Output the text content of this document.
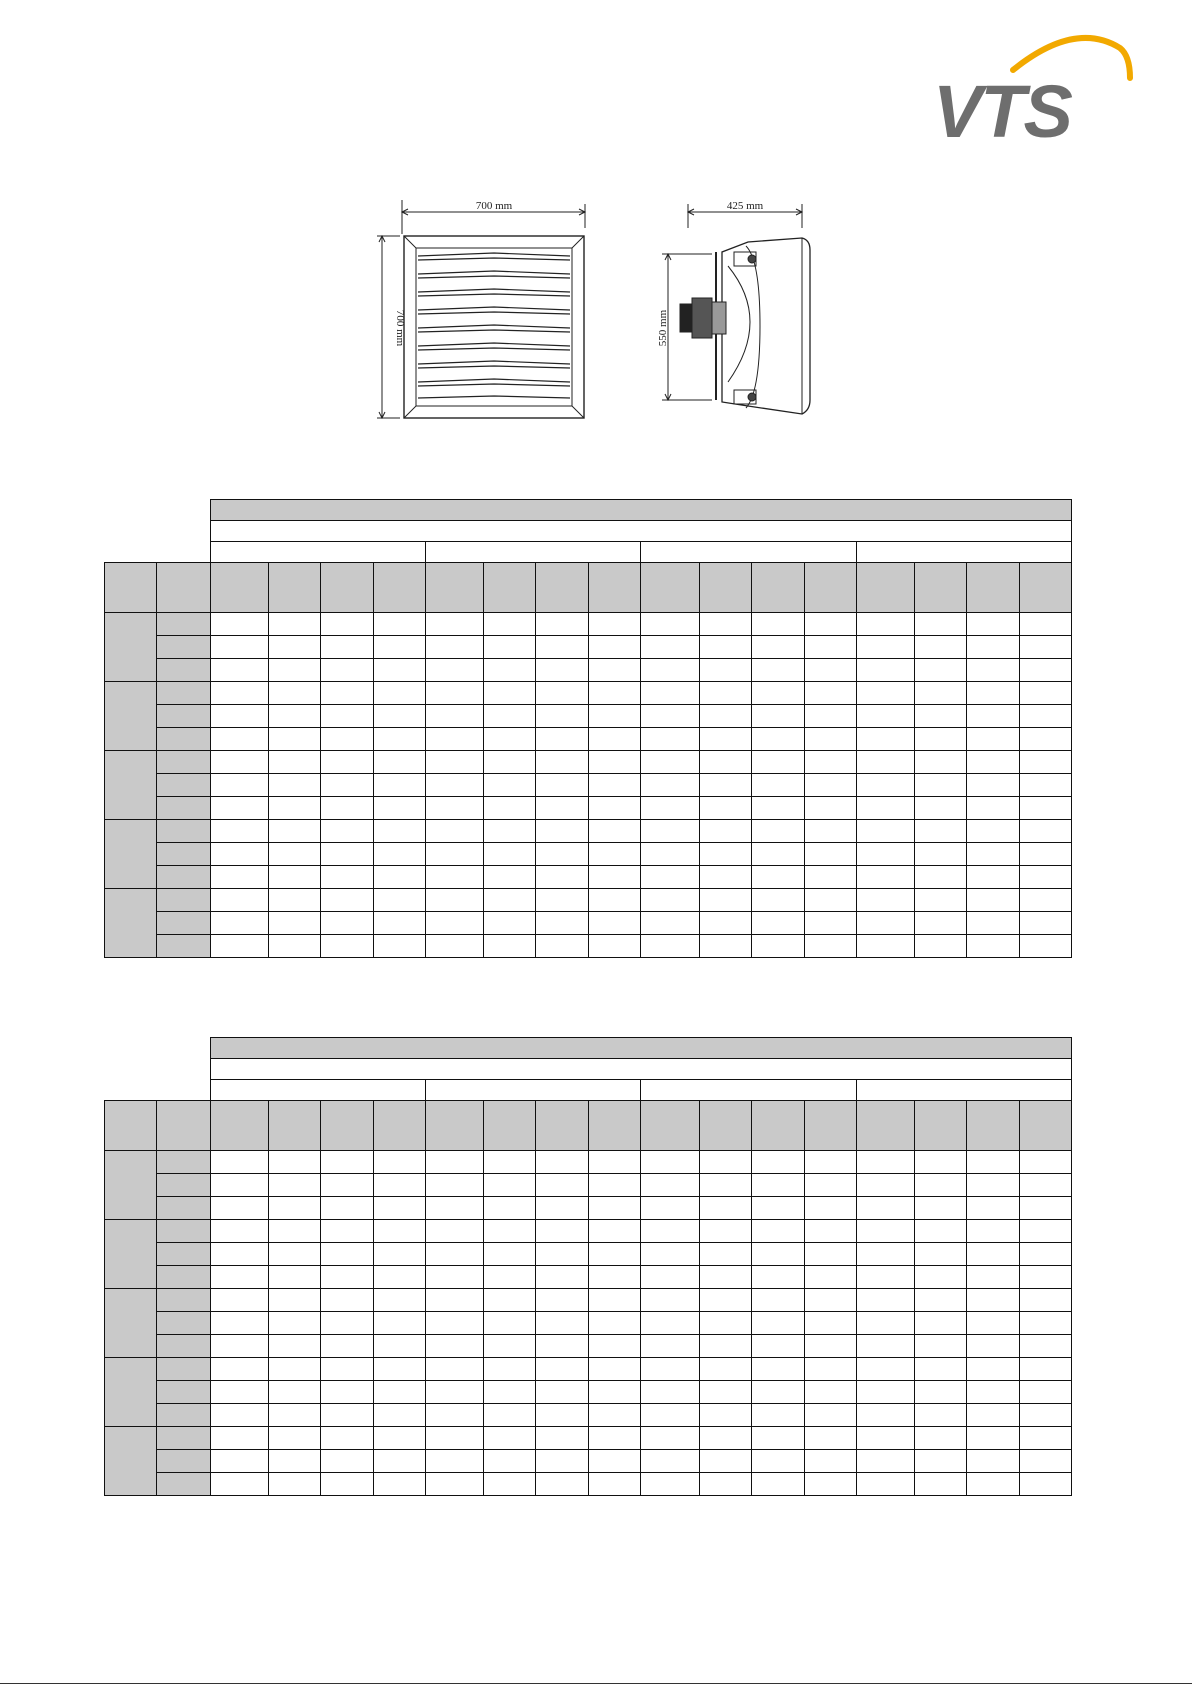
VTS
700 mm
700 mm
425 mm
550 mm
